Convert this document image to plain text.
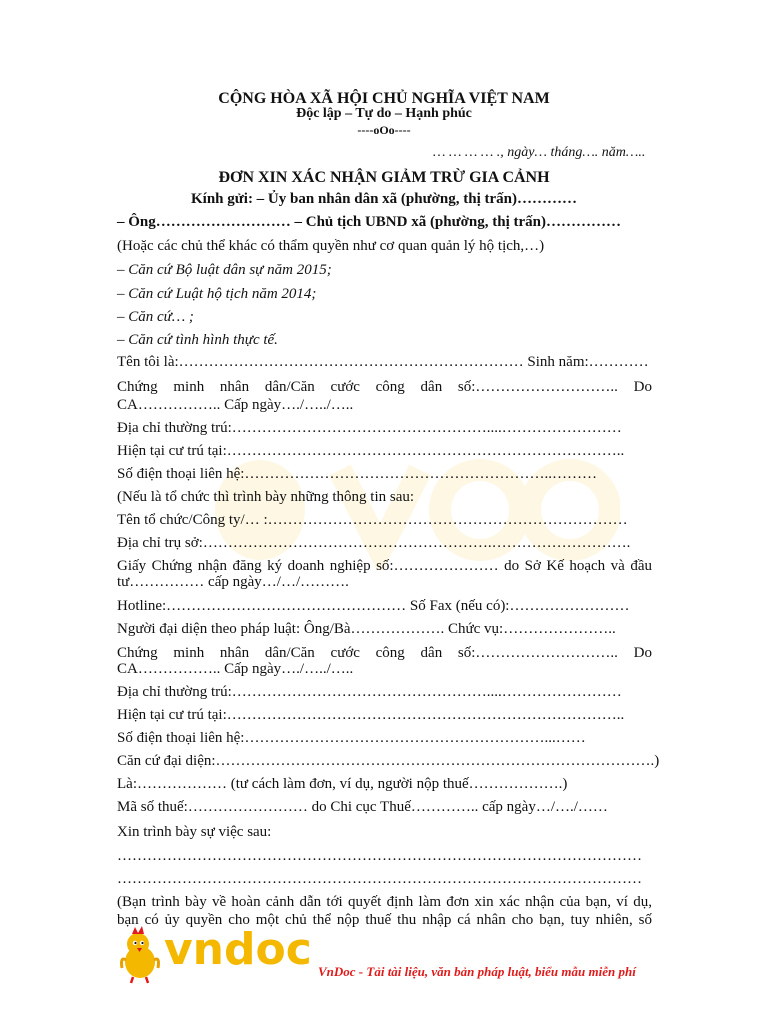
CỘNG HÒA XÃ HỘI CHỦ NGHĨA VIỆT NAM
Độc lập – Tự do – Hạnh phúc
----oOo----
… … … … ., ngày… tháng…. năm…..
ĐƠN XIN XÁC NHẬN GIẢM TRỪ GIA CẢNH
Kính gửi: – Ủy ban nhân dân xã (phường, thị trấn)…………
– Ông……………………… – Chủ tịch UBND xã (phường, thị trấn)……………
(Hoặc các chủ thể khác có thẩm quyền như cơ quan quản lý hộ tịch,…)
– Căn cứ Bộ luật dân sự năm 2015;
– Căn cứ Luật hộ tịch năm 2014;
– Căn cứ… ;
– Căn cứ tình hình thực tế.
Tên tôi là:…………………………………………………………… Sinh năm:…………
Chứng minh nhân dân/Căn cước công dân số:……………………….. Do
CA…………….. Cấp ngày…./…../…..
Địa chỉ thường trú:……………………………………………....……………………
Hiện tại cư trú tại:……………………………………………………………………..
Số điện thoại liên hệ:……………………………………………………..………
(Nếu là tổ chức thì trình bày những thông tin sau:
Tên tổ chức/Công ty/… :………………………………………………………………
Địa chỉ trụ sở:………………………………………………….……………………….
Giấy Chứng nhận đăng ký doanh nghiệp số:………………… do Sở Kế hoạch và đầu
tư…………… cấp ngày…/…/……….
Hotline:………………………………………… Số Fax (nếu có):……………………
Người đại diện theo pháp luật: Ông/Bà………………. Chức vụ:…………………..
Chứng minh nhân dân/Căn cước công dân số:……………………….. Do
CA…………….. Cấp ngày…./…../…..
Địa chỉ thường trú:……………………………………………....……………………
Hiện tại cư trú tại:……………………………………………………………………..
Số điện thoại liên hệ:……………………………………………………...……
Căn cứ đại diện:…………………………………………………………………………….)
Là:……………… (tư cách làm đơn, ví dụ, người nộp thuế……………….)
Mã số thuế:…………………… do Chi cục Thuế………….. cấp ngày…/…./……
Xin trình bày sự việc sau:
……………………………………………………………………………………………
……………………………………………………………………………………………
(Bạn trình bày về hoàn cảnh dẫn tới quyết định làm đơn xin xác nhận của bạn, ví dụ,
bạn có ủy quyền cho một chủ thể nộp thuế thu nhập cá nhân cho bạn, tuy nhiên, số
vndoc VnDoc - Tải tài liệu, văn bản pháp luật, biểu mẫu miễn phí
